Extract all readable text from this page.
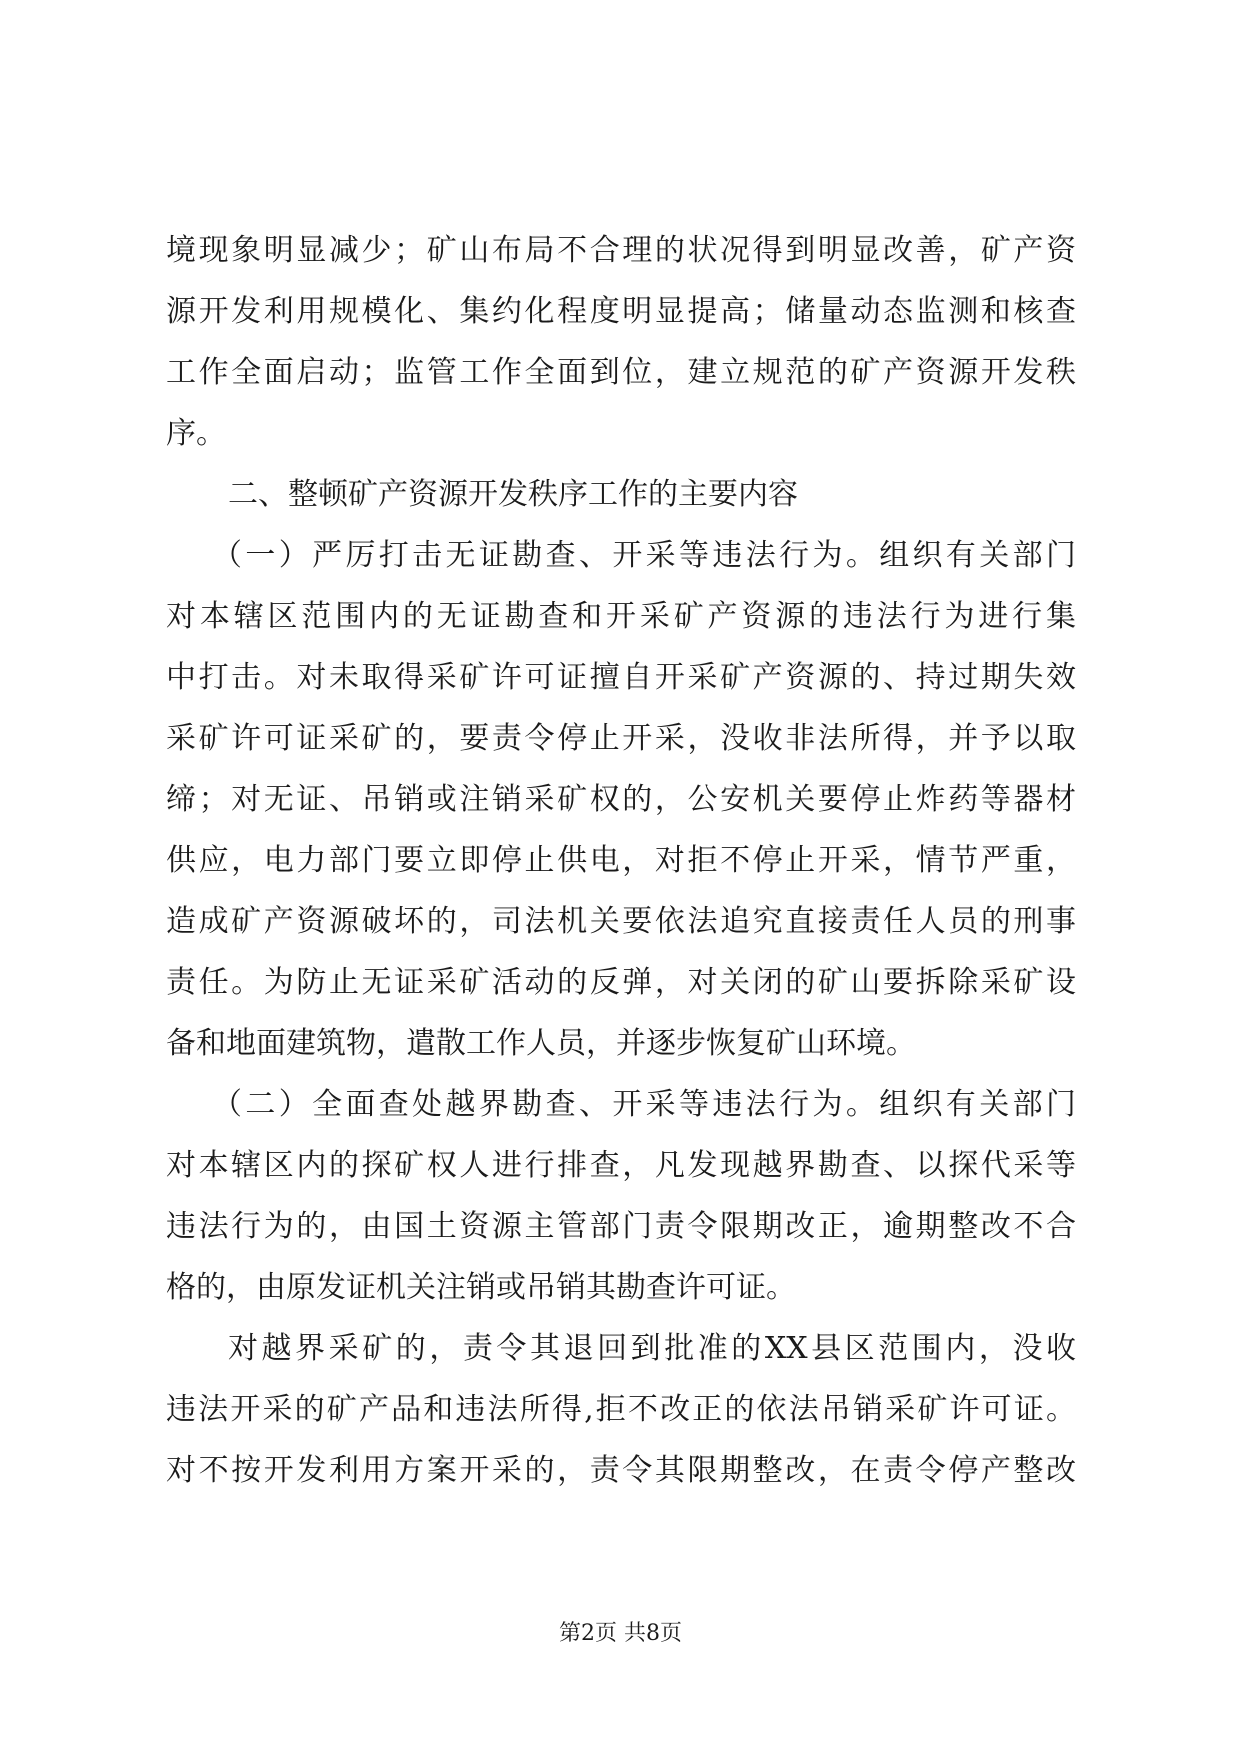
境现象明显减少；矿山布局不合理的状况得到明显改善，矿产资
源开发利用规模化、集约化程度明显提高；储量动态监测和核查
工作全面启动；监管工作全面到位，建立规范的矿产资源开发秩
序。
二、整顿矿产资源开发秩序工作的主要内容
（一）严厉打击无证勘查、开采等违法行为。组织有关部门
对本辖区范围内的无证勘查和开采矿产资源的违法行为进行集
中打击。对未取得采矿许可证擅自开采矿产资源的、持过期失效
采矿许可证采矿的，要责令停止开采，没收非法所得，并予以取
缔；对无证、吊销或注销采矿权的，公安机关要停止炸药等器材
供应，电力部门要立即停止供电，对拒不停止开采，情节严重，
造成矿产资源破坏的，司法机关要依法追究直接责任人员的刑事
责任。为防止无证采矿活动的反弹，对关闭的矿山要拆除采矿设
备和地面建筑物，遣散工作人员，并逐步恢复矿山环境。
（二）全面查处越界勘查、开采等违法行为。组织有关部门
对本辖区内的探矿权人进行排查，凡发现越界勘查、以探代采等
违法行为的，由国土资源主管部门责令限期改正，逾期整改不合
格的，由原发证机关注销或吊销其勘查许可证。
对越界采矿的，责令其退回到批准的XX县区范围内，没收
违法开采的矿产品和违法所得,拒不改正的依法吊销采矿许可证。
对不按开发利用方案开采的，责令其限期整改，在责令停产整改
第2页 共8页
